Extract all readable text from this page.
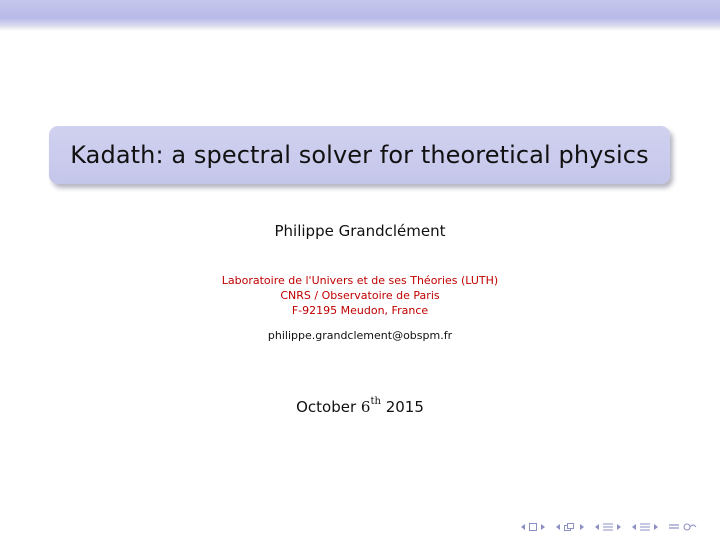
Kadath: a spectral solver for theoretical physics
Philippe Grandclément
Laboratoire de l'Univers et de ses Théories (LUTH)
CNRS / Observatoire de Paris
F-92195 Meudon, France
philippe.grandclement@obspm.fr
October 6th 2015
